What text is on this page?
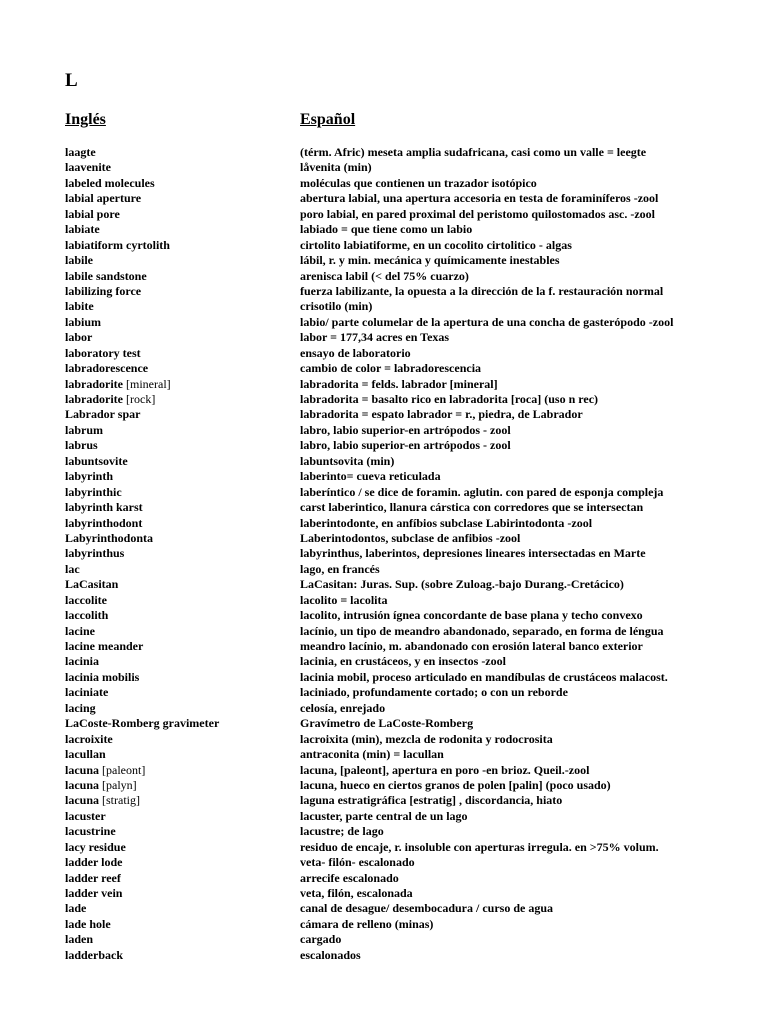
L
Inglés	Español
laagte	(térm. Afric) meseta amplia sudafricana, casi como un valle = leegte
laavenite	låvenita (min)
labeled molecules	moléculas que contienen un trazador isotópico
labial aperture	abertura labial, una apertura accesoria en testa de foraminíferos -zool
labial pore	poro labial, en pared proximal del peristomo quilostomados asc. -zool
labiate	labiado = que tiene como un labio
labiatiform cyrtolith	cirtolito labiatiforme, en un cocolito cirtolitico - algas
labile	lábil, r. y min. mecánica y químicamente inestables
labile sandstone	arenisca labil (< del 75% cuarzo)
labilizing force	fuerza labilizante, la opuesta a la dirección de la f. restauración normal
labite	crisotilo (min)
labium	labio/ parte columelar de la apertura de una concha de gasterópodo -zool
labor	labor = 177,34 acres en Texas
laboratory test	ensayo de laboratorio
labradorescence	cambio de color = labradorescencia
labradorite [mineral]	labradorita = felds. labrador [mineral]
labradorite [rock]	labradorita = basalto rico en labradorita [roca] (uso n rec)
Labrador spar	labradorita = espato labrador = r., piedra, de Labrador
labrum	labro, labio superior-en artrópodos - zool
labrus	labro, labio superior-en artrópodos - zool
labuntsovite	labuntsovita (min)
labyrinth	laberinto= cueva reticulada
labyrinthic	laberíntico / se dice de foramin. aglutin. con pared de esponja compleja
labyrinth karst	carst laberintico, llanura cárstica con corredores que se intersectan
labyrinthodont	laberintodonte, en anfíbios subclase Labirintodonta -zool
Labyrinthodonta	Laberintodontos, subclase de anfibios -zool
labyrinthus	labyrinthus, laberintos, depresiones lineares intersectadas en Marte
lac	lago, en francés
LaCasitan	LaCasitan: Juras. Sup. (sobre Zuloag.-bajo Durang.-Cretácico)
laccolite	lacolito = lacolita
laccolith	lacolito, intrusión ígnea concordante de base plana y techo convexo
lacine	lacínio, un tipo de meandro abandonado, separado, en forma de léngua
lacine meander	meandro lacínio, m. abandonado con erosión lateral banco exterior
lacinia	lacinia, en crustáceos, y en insectos -zool
lacinia mobilis	lacinia mobil, proceso articulado en mandíbulas de crustáceos malacost.
laciniate	laciniado, profundamente cortado; o con un reborde
lacing	celosía, enrejado
LaCoste-Romberg gravimeter	Gravímetro de LaCoste-Romberg
lacroixite	lacroixita (min), mezcla de rodonita y rodocrosita
lacullan	antraconita (min) = lacullan
lacuna [paleont]	lacuna, [paleont], apertura en poro -en brioz. Queil.-zool
lacuna [palyn]	lacuna, hueco en ciertos granos de polen [palin] (poco usado)
lacuna [stratig]	laguna estratigráfica [estratig] , discordancia, hiato
lacuster	lacuster, parte central de un lago
lacustrine	lacustre; de lago
lacy residue	residuo de encaje, r. insoluble con aperturas irregula. en >75% volum.
ladder lode	veta- filón- escalonado
ladder reef	arrecife escalonado
ladder vein	veta, filón, escalonada
lade	canal de desague/ desembocadura / curso de agua
lade hole	cámara de relleno (minas)
laden	cargado
ladderback	escalonados
